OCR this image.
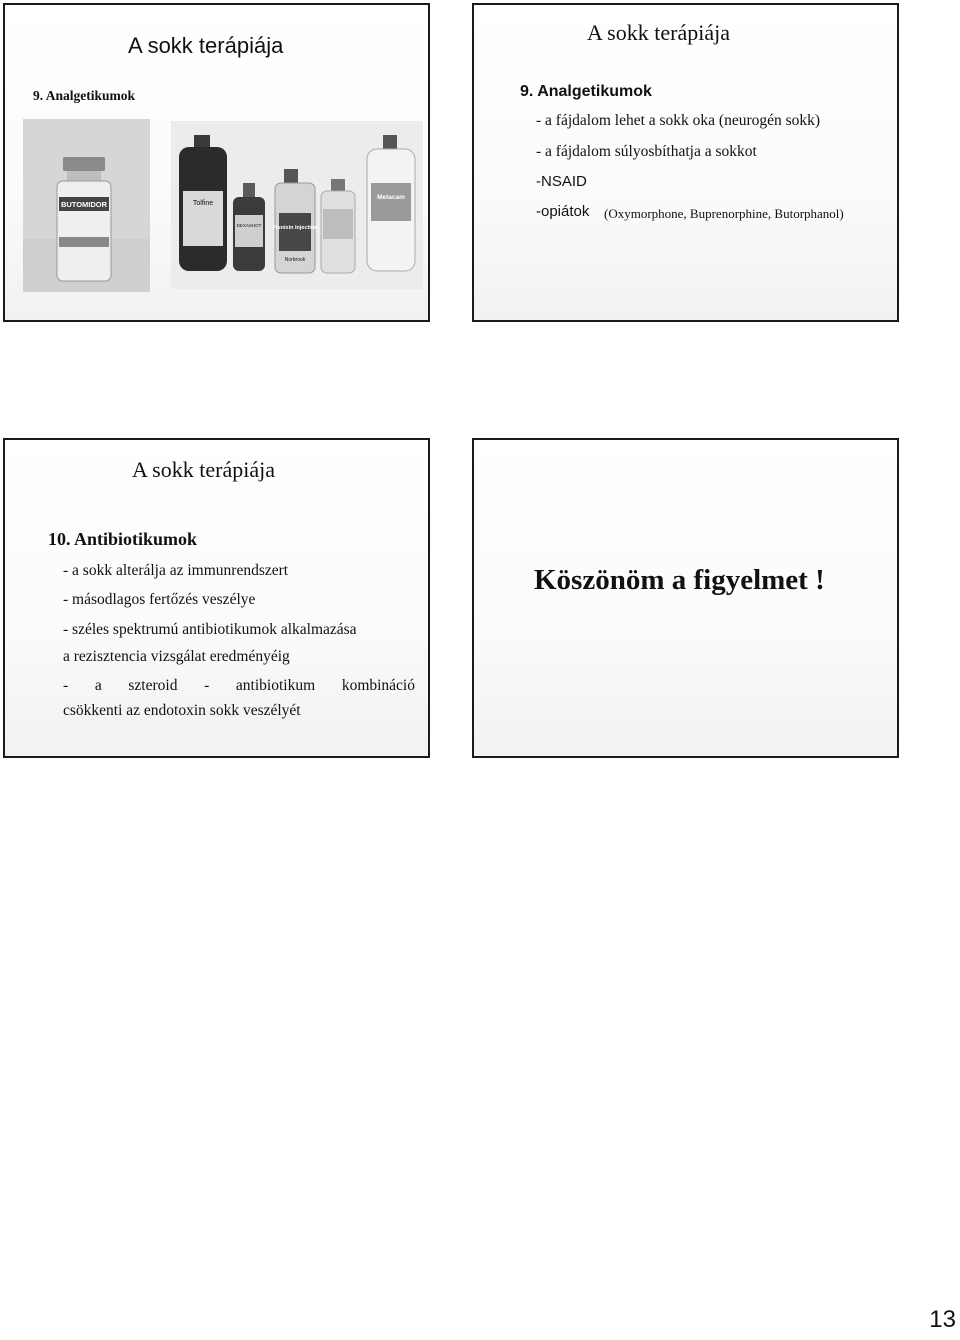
A sokk terápiája
9. Analgetikumok
BUTOMIDOR	Tolfine
DEXASHOT Flunixin Injection
Norbrook
Metacam
A sokk terápiája
9. Analgetikumok
- a fájdalom lehet a sokk oka (neurogén sokk)
- a fájdalom súlyosbíthatja a sokkot
-NSAID
-opiátok (Oxymorphone, Buprenorphine, Butorphanol)
A sokk terápiája
10. Antibiotikumok
- a sokk alterálja az immunrendszert
- másodlagos fertőzés veszélye
- széles spektrumú antibiotikumok alkalmazása
a rezisztencia vizsgálat eredményéig
- a szteroid - antibiotikum kombináció
csökkenti az endotoxin sokk veszélyét
Köszönöm a figyelmet !
13
